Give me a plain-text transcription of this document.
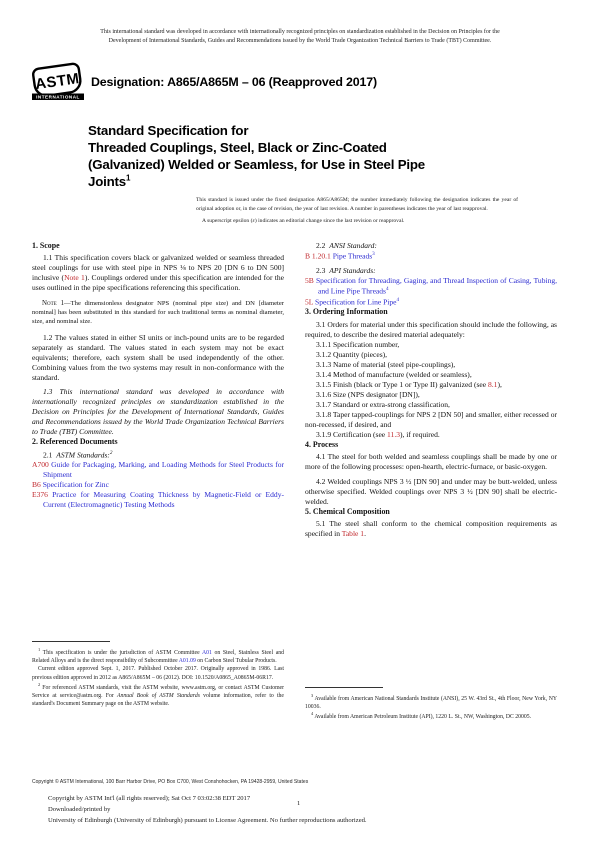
This international standard was developed in accordance with internationally recognized principles on standardization established in the Decision on Principles for the
Development of International Standards, Guides and Recommendations issued by the World Trade Organization Technical Barriers to Trade (TBT) Committee.
ASTM
INTERNATIONAL
Designation: A865/A865M – 06 (Reapproved 2017)
Standard Specification for
Threaded Couplings, Steel, Black or Zinc-Coated
(Galvanized) Welded or Seamless, for Use in Steel Pipe
Joints$^1$

This standard is issued under the fixed designation A865/A865M; the number immediately following the designation indicates the year of original adoption or, in the case of revision, the year of last revision. A number in parentheses indicates the year of last reapproval.

A superscript epsilon (ε) indicates an editorial change since the last revision or reapproval.

1. Scope

1.1 This specification covers black or galvanized welded or seamless threaded steel couplings for use with steel pipe in NPS ⅛ to NPS 20 [DN 6 to DN 500] inclusive (Note 1). Couplings ordered under this specification are intended for the uses outlined in the pipe specifications referencing this specification.

Note 1—The dimensionless designator NPS (nominal pipe size) and DN [diameter nominal] has been substituted in this standard for such traditional terms as nominal diameter, size, and nominal size.

1.2 The values stated in either SI units or inch-pound units are to be regarded separately as standard. The values stated in each system may not be exact equivalents; therefore, each system shall be used independently of the other. Combining values from the two systems may result in non-conformance with the standard.

1.3 This international standard was developed in accordance with internationally recognized principles on standardization established in the Decision on Principles for the Development of International Standards, Guides and Recommendations issued by the World Trade Organization Technical Barriers to Trade (TBT) Committee.

2. Referenced Documents

2.1 ASTM Standards:$^2$

A700 Guide for Packaging, Marking, and Loading Methods for Steel Products for Shipment

B6 Specification for Zinc

E376 Practice for Measuring Coating Thickness by Magnetic-Field or Eddy-Current (Electromagnetic) Testing Methods

2.2 ANSI Standard:

B 1.20.1 Pipe Threads$^3$

2.3 API Standards:

5B Specification for Threading, Gaging, and Thread Inspection of Casing, Tubing, and Line Pipe Threads$^4$

5L Specification for Line Pipe$^4$

3. Ordering Information

3.1 Orders for material under this specification should include the following, as required, to describe the desired material adequately:

3.1.1 Specification number,

3.1.2 Quantity (pieces),

3.1.3 Name of material (steel pipe-couplings),

3.1.4 Method of manufacture (welded or seamless),

3.1.5 Finish (black or Type 1 or Type II) galvanized (see 8.1),

3.1.6 Size (NPS designator [DN]),

3.1.7 Standard or extra-strong classification,

3.1.8 Taper tapped-couplings for NPS 2 [DN 50] and smaller, either recessed or non-recessed, if desired, and

3.1.9 Certification (see 11.3), if required.

4. Process

4.1 The steel for both welded and seamless couplings shall be made by one or more of the following processes: open-hearth, electric-furnace, or basic-oxygen.

4.2 Welded couplings NPS 3 ½ [DN 90] and under may be butt-welded, unless otherwise specified. Welded couplings over NPS 3 ½ [DN 90] shall be electric-welded.

5. Chemical Composition

5.1 The steel shall conform to the chemical composition requirements as specified in Table 1.

$^1$ This specification is under the jurisdiction of ASTM Committee A01 on Steel, Stainless Steel and Related Alloys and is the direct responsibility of Subcommittee A01.09 on Carbon Steel Tubular Products.

Current edition approved Sept. 1, 2017. Published October 2017. Originally approved in 1986. Last previous edition approved in 2012 as A865/A865M – 06 (2012). DOI: 10.1520/A0865_A0865M-06R17.

$^2$ For referenced ASTM standards, visit the ASTM website, www.astm.org, or contact ASTM Customer Service at service@astm.org. For Annual Book of ASTM Standards volume information, refer to the standard's Document Summary page on the ASTM website.

$^3$ Available from American National Standards Institute (ANSI), 25 W. 43rd St., 4th Floor, New York, NY 10036.

$^4$ Available from American Petroleum Institute (API), 1220 L. St., NW, Washington, DC 20005.

Copyright © ASTM International, 100 Barr Harbor Drive, PO Box C700, West Conshohocken, PA 19428-2959, United States
Copyright by ASTM Int'l (all rights reserved); Sat Oct 7 03:02:38 EDT 2017
Downloaded/printed by
University of Edinburgh (University of Edinburgh) pursuant to License Agreement. No further reproductions authorized.
1
